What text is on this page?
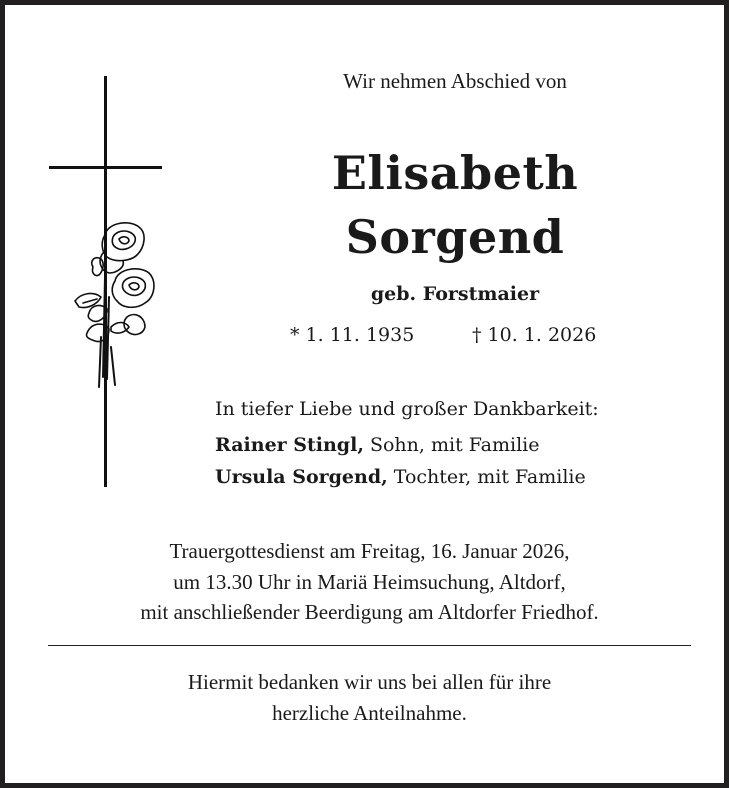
Wir nehmen Abschied von
Elisabeth
Sorgend
geb. Forstmaier
* 1. 11. 1935	† 10. 1. 2026
In tiefer Liebe und großer Dankbarkeit:
Rainer Stingl, Sohn, mit Familie
Ursula Sorgend, Tochter, mit Familie
Trauergottesdienst am Freitag, 16. Januar 2026,
um 13.30 Uhr in Mariä Heimsuchung, Altdorf,
mit anschließender Beerdigung am Altdorfer Friedhof.
Hiermit bedanken wir uns bei allen für ihre
herzliche Anteilnahme.
